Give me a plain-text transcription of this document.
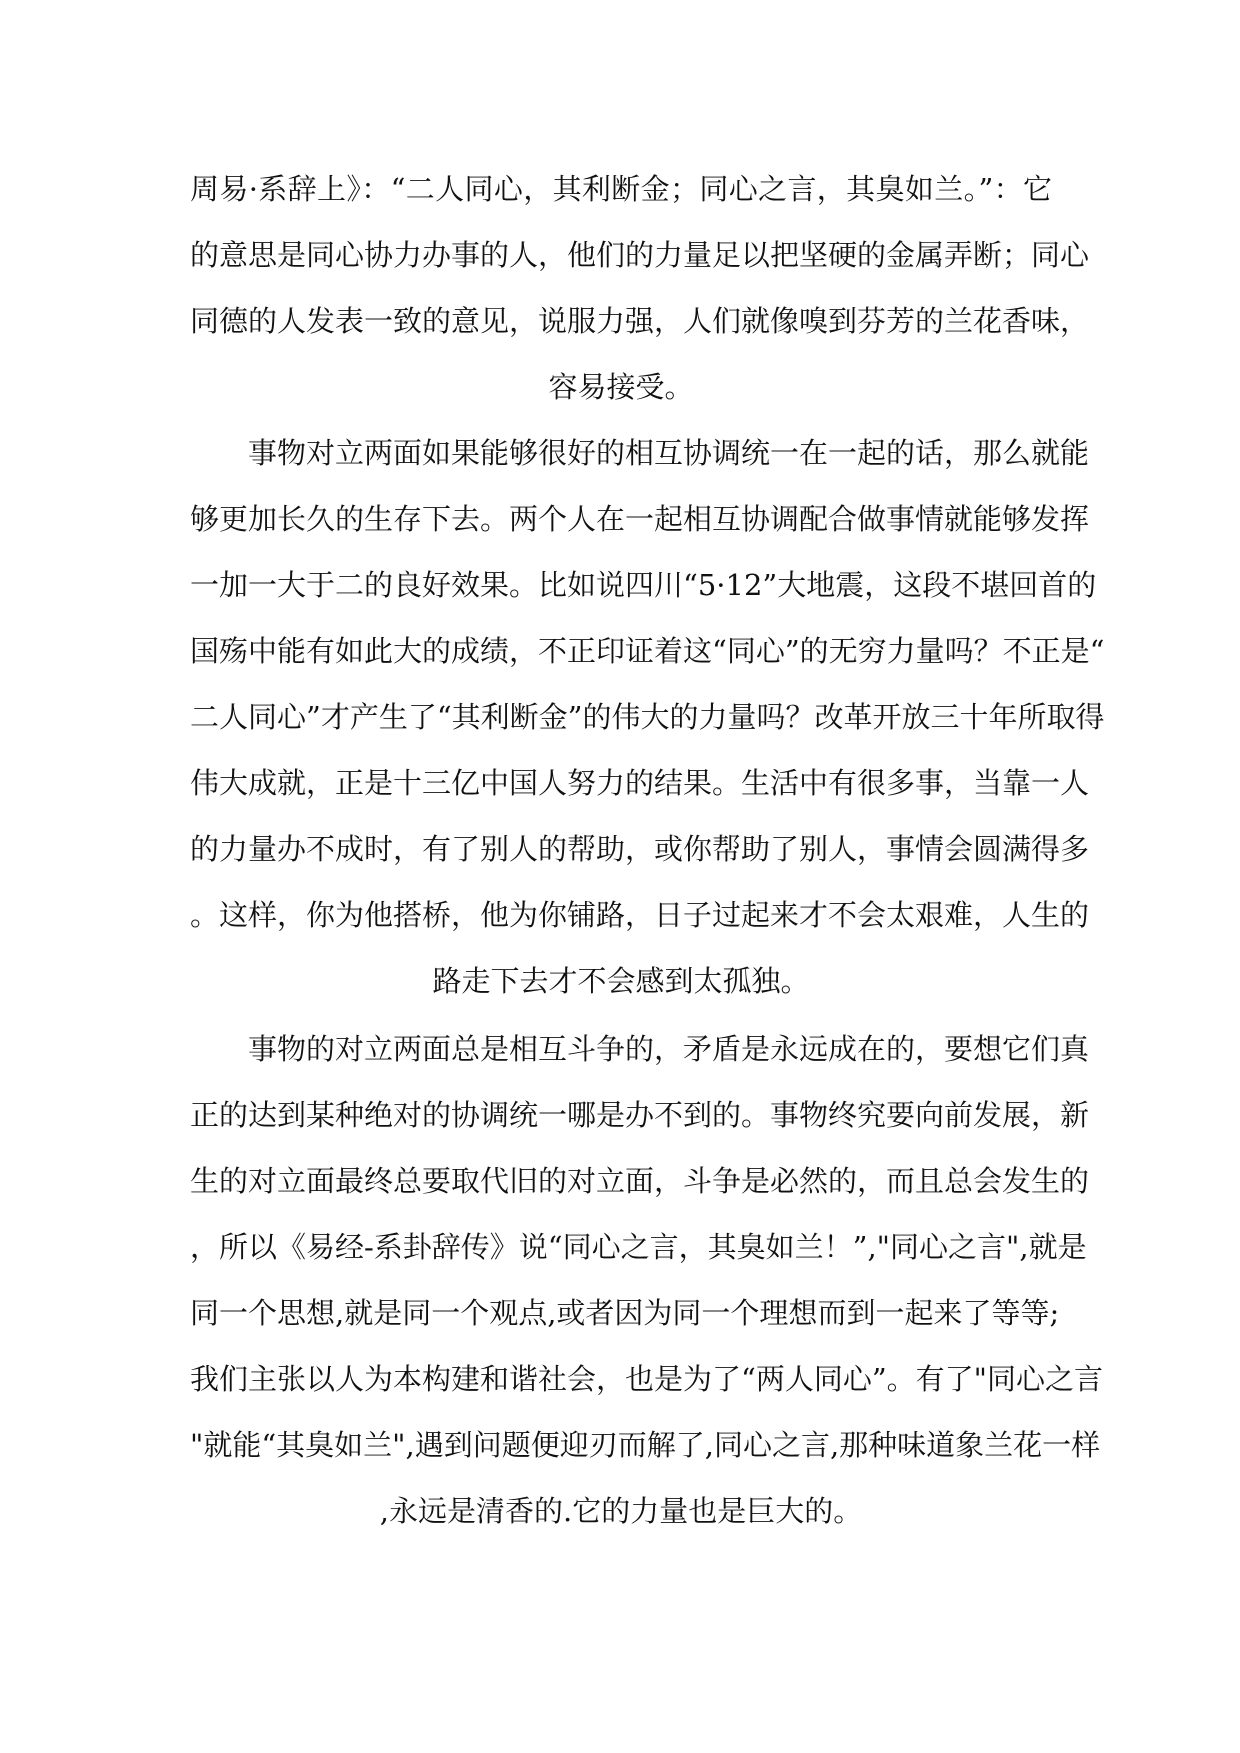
周易·系辞上》：“二人同心，其利断金；同心之言，其臭如兰。”：它
的意思是同心协力办事的人，他们的力量足以把坚硬的金属弄断；同心
同德的人发表一致的意见，说服力强，人们就像嗅到芬芳的兰花香味，
容易接受。
　　事物对立两面如果能够很好的相互协调统一在一起的话，那么就能
够更加长久的生存下去。两个人在一起相互协调配合做事情就能够发挥
一加一大于二的良好效果。比如说四川“5·12”大地震，这段不堪回首的
国殇中能有如此大的成绩，不正印证着这“同心”的无穷力量吗？不正是“
二人同心”才产生了“其利断金”的伟大的力量吗？改革开放三十年所取得
伟大成就，正是十三亿中国人努力的结果。生活中有很多事，当靠一人
的力量办不成时，有了别人的帮助，或你帮助了别人，事情会圆满得多
。这样，你为他搭桥，他为你铺路，日子过起来才不会太艰难，人生的
路走下去才不会感到太孤独。
　　事物的对立两面总是相互斗争的，矛盾是永远成在的，要想它们真
正的达到某种绝对的协调统一哪是办不到的。事物终究要向前发展，新
生的对立面最终总要取代旧的对立面，斗争是必然的，而且总会发生的
，所以《易经-系卦辞传》说“同心之言，其臭如兰！”,"同心之言",就是
同一个思想,就是同一个观点,或者因为同一个理想而到一起来了等等;
我们主张以人为本构建和谐社会，也是为了“两人同心”。有了"同心之言
"就能“其臭如兰",遇到问题便迎刃而解了,同心之言,那种味道象兰花一样
,永远是清香的.它的力量也是巨大的。
